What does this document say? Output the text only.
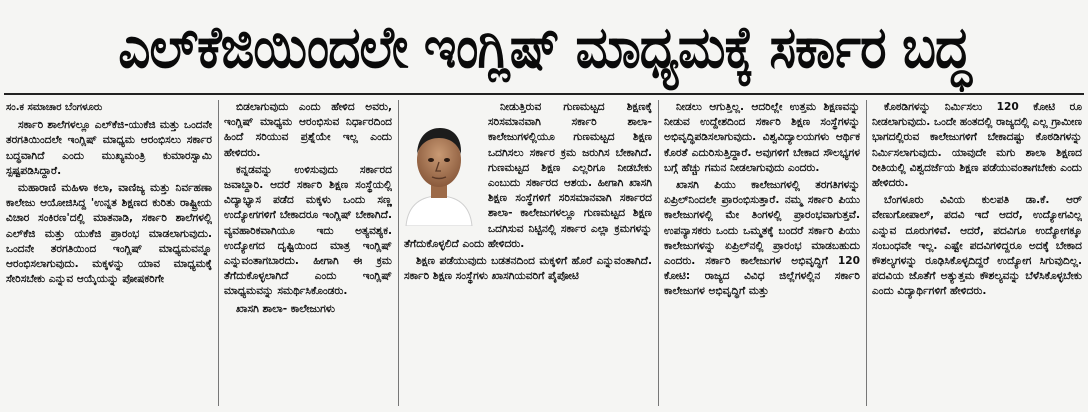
ಎಲ್‌ಕೆಜಿಯಿಂದಲೇ ಇಂಗ್ಲಿಷ್ ಮಾಧ್ಯಮಕ್ಕೆ ಸರ್ಕಾರ ಬದ್ಧ

ಸಂ.ಕ ಸಮಾಚಾರ ಬೆಂಗಳೂರು

ಸರ್ಕಾರಿ ಶಾಲೆಗಳಲ್ಲೂ ಎಲ್‌ಕೆಜಿ-ಯುಕೆಜಿ ಮತ್ತು ಒಂದನೇ ತರಗತಿಯಿಂದಲೇ ಇಂಗ್ಲಿಷ್ ಮಾಧ್ಯಮ ಆರಂಭಿಸಲು ಸರ್ಕಾರ ಬದ್ಧವಾಗಿದೆ ಎಂದು ಮುಖ್ಯಮಂತ್ರಿ ಕುಮಾರಸ್ವಾಮಿ ಸ್ಪಷ್ಟಪಡಿಸಿದ್ದಾರೆ.

ಮಹಾರಾಣಿ ಮಹಿಳಾ ಕಲಾ, ವಾಣಿಜ್ಯ ಮತ್ತು ನಿರ್ವಹಣಾ ಕಾಲೇಜು ಆಯೋಜಿಸಿದ್ದ 'ಉನ್ನತ ಶಿಕ್ಷಣದ ಕುರಿತು ರಾಷ್ಟ್ರೀಯ ವಿಚಾರ ಸಂಕಿರಣ'ದಲ್ಲಿ ಮಾತನಾಡಿ, ಸರ್ಕಾರಿ ಶಾಲೆಗಳಲ್ಲಿ ಎಲ್‌ಕೆಜಿ ಮತ್ತು ಯುಕೆಜಿ ಪ್ರಾರಂಭ ಮಾಡಲಾಗುವುದು. ಒಂದನೇ ತರಗತಿಯಿಂದ ಇಂಗ್ಲಿಷ್ ಮಾಧ್ಯಮವನ್ನೂ ಆರಂಭಿಸಲಾಗುವುದು. ಮಕ್ಕಳನ್ನು ಯಾವ ಮಾಧ್ಯಮಕ್ಕೆ ಸೇರಿಸಬೇಕು ಎನ್ನುವ ಆಯ್ಕೆಯನ್ನು ಪೋಷಕರಿಗೇ

ಬಿಡಲಾಗುವುದು ಎಂದು ಹೇಳಿದ ಅವರು, ಇಂಗ್ಲಿಷ್ ಮಾಧ್ಯಮ ಆರಂಭಿಸುವ ನಿರ್ಧಾರದಿಂದ ಹಿಂದೆ ಸರಿಯುವ ಪ್ರಶ್ನೆಯೇ ಇಲ್ಲ ಎಂದು ಹೇಳಿದರು.

ಕನ್ನಡವನ್ನು ಉಳಿಸುವುದು ಸರ್ಕಾರದ ಜವಾಬ್ದಾರಿ. ಆದರೆ ಸರ್ಕಾರಿ ಶಿಕ್ಷಣ ಸಂಸ್ಥೆಯಲ್ಲಿ ವಿದ್ಯಾಭ್ಯಾಸ ಪಡೆದ ಮಕ್ಕಳು ಒಂದು ಸಣ್ಣ ಉದ್ಯೋಗಗಳಿಗೆ ಬೇಕಾದರೂ ಇಂಗ್ಲಿಷ್ ಬೇಕಾಗಿದೆ. ವ್ಯವಹಾರಿಕವಾಗಿಯೂ ಇದು ಅತ್ಯವಶ್ಯಕ. ಉದ್ಯೋಗದ ದೃಷ್ಟಿಯಿಂದ ಮಾತ್ರ ಇಂಗ್ಲಿಷ್ ಎನ್ನುವಂತಾಗಬಾರದು. ಹೀಗಾಗಿ ಈ ಕ್ರಮ ತೆಗೆದುಕೊಳ್ಳಲಾಗಿದೆ ಎಂದು ಇಂಗ್ಲಿಷ್ ಮಾಧ್ಯಮವನ್ನು ಸಮರ್ಥಿಸಿಕೊಂಡರು.

ಖಾಸಗಿ ಶಾಲಾ- ಕಾಲೇಜುಗಳು

ನೀಡುತ್ತಿರುವ ಗುಣಮಟ್ಟದ ಶಿಕ್ಷಣಕ್ಕೆ ಸರಿಸಮಾನವಾಗಿ ಸರ್ಕಾರಿ ಶಾಲಾ-ಕಾಲೇಜುಗಳಲ್ಲಿಯೂ ಗುಣಮಟ್ಟದ ಶಿಕ್ಷಣ ಒದಗಿಸಲು ಸರ್ಕಾರ ಕ್ರಮ ಜರುಗಿಸ ಬೇಕಾಗಿದೆ. ಗುಣಮಟ್ಟದ ಶಿಕ್ಷಣ ಎಲ್ಲರಿಗೂ ನೀಡಬೇಕು ಎಂಬುದು ಸರ್ಕಾರದ ಆಶಯ. ಹೀಗಾಗಿ ಖಾಸಗಿ ಶಿಕ್ಷಣ ಸಂಸ್ಥೆಗಳಿಗೆ ಸರಿಸಮಾನವಾಗಿ ಸರ್ಕಾರದ ಶಾಲಾ- ಕಾಲೇಜುಗಳಲ್ಲೂ ಗುಣಮಟ್ಟದ ಶಿಕ್ಷಣ ಒದಗಿಸುವ ನಿಟ್ಟಿನಲ್ಲಿ ಸರ್ಕಾರ ಎಲ್ಲಾ ಕ್ರಮಗಳನ್ನು ತೆಗೆದುಕೊಳ್ಳಲಿದೆ ಎಂದು ಹೇಳಿದರು.

ಶಿಕ್ಷಣ ಪಡೆಯುವುದು ಬಡತನದಿಂದ ಮಕ್ಕಳಿಗೆ ಹೊರೆ ಎನ್ನುವಂತಾಗಿದೆ. ಸರ್ಕಾರಿ ಶಿಕ್ಷಣ ಸಂಸ್ಥೆಗಳು ಖಾಸಗಿಯವರಿಗೆ ಪೈಪೋಟಿ

ನೀಡಲು ಆಗುತ್ತಿಲ್ಲ. ಆದರಿಲ್ಲೇ ಉತ್ತಮ ಶಿಕ್ಷಣವನ್ನು ನೀಡುವ ಉದ್ದೇಶದಿಂದ ಸರ್ಕಾರಿ ಶಿಕ್ಷಣ ಸಂಸ್ಥೆಗಳನ್ನು ಅಭಿವೃದ್ಧಿಪಡಿಸಲಾಗುವುದು. ವಿಶ್ವವಿದ್ಯಾಲಯಗಳು ಆರ್ಥಿಕ ಕೊರತೆ ಎದುರಿಸುತ್ತಿದ್ದಾರೆ. ಅವುಗಳಿಗೆ ಬೇಕಾದ ಸೌಲಭ್ಯಗಳ ಬಗ್ಗೆ ಹೆಚ್ಚು ಗಮನ ನೀಡಲಾಗುವುದು ಎಂದರು.

ಖಾಸಗಿ ಪಿಯು ಕಾಲೇಜುಗಳಲ್ಲಿ ತರಗತಿಗಳನ್ನು ಏಪ್ರಿಲ್‌ನಿಂದಲೇ ಪ್ರಾರಂಭಿಸುತ್ತಾರೆ. ನಮ್ಮ ಸರ್ಕಾರಿ ಪಿಯು ಕಾಲೇಜುಗಳಲ್ಲಿ ಮೇ ತಿಂಗಳಲ್ಲಿ ಪ್ರಾರಂಭವಾಗುತ್ತವೆ. ಉಪನ್ಯಾಸಕರು ಒಂದು ಒಮ್ಮತಕ್ಕೆ ಬಂದರೆ ಸರ್ಕಾರಿ ಪಿಯು ಕಾಲೇಜುಗಳನ್ನು ಏಪ್ರಿಲ್‌ನಲ್ಲಿ ಪ್ರಾರಂಭ ಮಾಡಬಹುದು ಎಂದರು. ಸರ್ಕಾರಿ ಕಾಲೇಜುಗಳ ಅಭಿವೃದ್ಧಿಗೆ 120 ಕೋಟಿ: ರಾಜ್ಯದ ವಿವಿಧ ಜಿಲ್ಲೆಗಳಲ್ಲಿನ ಸರ್ಕಾರಿ ಕಾಲೇಜುಗಳ ಅಭಿವೃದ್ಧಿಗೆ ಮತ್ತು

ಕೊಠಡಿಗಳನ್ನು ನಿರ್ಮಿಸಲು 120 ಕೋಟಿ ರೂ ನೀಡಲಾಗುವುದು. ಒಂದೇ ಹಂತದಲ್ಲಿ ರಾಜ್ಯದಲ್ಲಿ ಎಲ್ಲ ಗ್ರಾಮೀಣ ಭಾಗದಲ್ಲಿರುವ ಕಾಲೇಜುಗಳಿಗೆ ಬೇಕಾದಷ್ಟು ಕೊಠಡಿಗಳನ್ನು ನಿರ್ಮಿಸಲಾಗುವುದು. ಯಾವುದೇ ಮಗು ಶಾಲಾ ಶಿಕ್ಷಣದ ರೀತಿಯಲ್ಲಿ ವಿಶ್ವದರ್ಜೆಯ ಶಿಕ್ಷಣ ಪಡೆಯುವಂತಾಗಬೇಕು ಎಂದು ಹೇಳಿದರು.

ಬೆಂಗಳೂರು ವಿವಿಯ ಕುಲಪತಿ ಡಾ.ಕೆ. ಆರ್ ವೇಣುಗೋಪಾಲ್, ಪದವಿ ಇದೆ ಆದರೆ, ಉದ್ಯೋಗವಿಲ್ಲ ಎನ್ನುವ ದೂರುಗಳಿವೆ. ಆದರೆ, ಪದವಿಗೂ ಉದ್ಯೋಗಕ್ಕೂ ಸಂಬಂಧವೇ ಇಲ್ಲ. ಎಷ್ಟೇ ಪದವಿಗಳಿದ್ದರೂ ಅದಕ್ಕೆ ಬೇಕಾದ ಕೌಶಲ್ಯಗಳನ್ನು ರೂಢಿಸಿಕೊಳ್ಳದಿದ್ದರೆ ಉದ್ಯೋಗ ಸಿಗುವುದಿಲ್ಲ. ಪದವಿಯ ಜೊತೆಗೆ ಅತ್ಯುತ್ತಮ ಕೌಶಲ್ಯವನ್ನು ಬೆಳೆಸಿಕೊಳ್ಳಬೇಕು ಎಂದು ವಿದ್ಯಾರ್ಥಿಗಳಿಗೆ ಹೇಳಿದರು.
